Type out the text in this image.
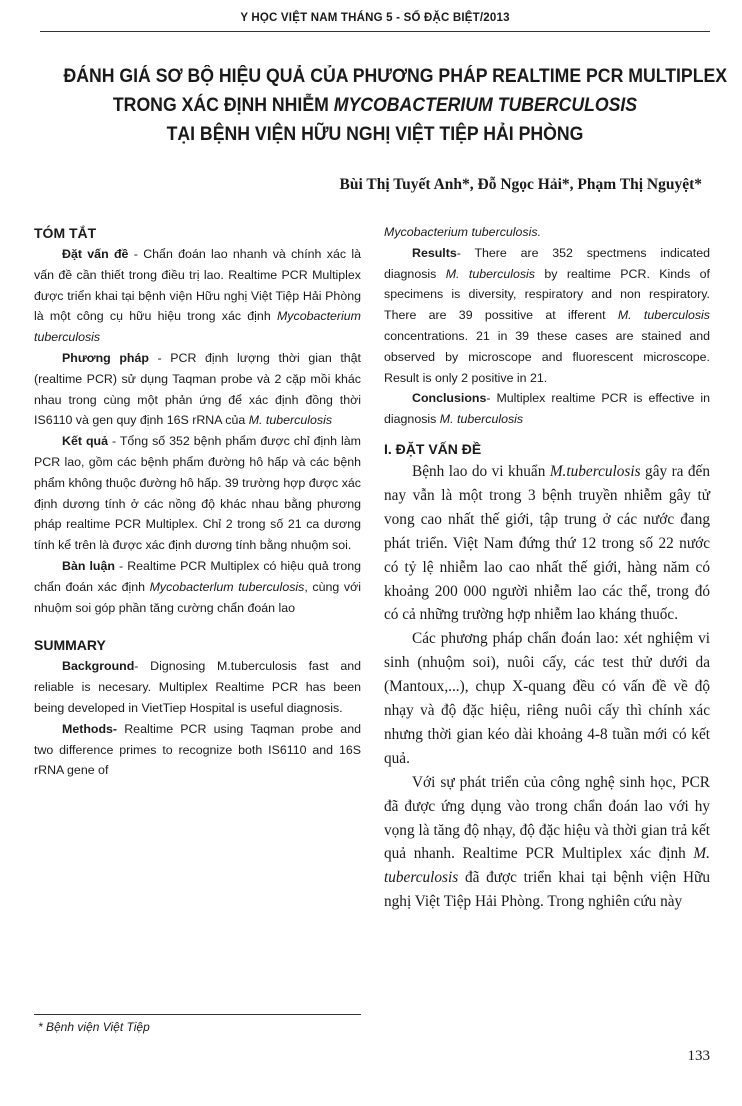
Y HỌC VIỆT NAM THÁNG 5 - SỐ ĐẶC BIỆT/2013
ĐÁNH GIÁ SƠ BỘ HIỆU QUẢ CỦA PHƯƠNG PHÁP REALTIME PCR MULTIPLEX
TRONG XÁC ĐỊNH NHIỄM MYCOBACTERIUM TUBERCULOSIS
TẠI BỆNH VIỆN HỮU NGHỊ VIỆT TIỆP HẢI PHÒNG
Bùi Thị Tuyết Anh*, Đỗ Ngọc Hải*, Phạm Thị Nguyệt*
TÓM TẮT

Đặt vấn đề - Chẩn đoán lao nhanh và chính xác là vấn đề cần thiết trong điều trị lao. Realtime PCR Multiplex được triển khai tại bệnh viện Hữu nghị Việt Tiệp Hải Phòng là một công cụ hữu hiệu trong xác định Mycobacterium tuberculosis

Phương pháp - PCR định lượng thời gian thật (realtime PCR) sử dụng Taqman probe và 2 cặp mồi khác nhau trong cùng một phản ứng để xác định đồng thời IS6110 và gen quy định 16S rRNA của M. tuberculosis

Kết quả - Tổng số 352 bệnh phẩm được chỉ định làm PCR lao, gồm các bệnh phẩm đường hô hấp và các bệnh phẩm không thuộc đường hô hấp. 39 trường hợp được xác định dương tính ở các nồng độ khác nhau bằng phương pháp realtime PCR Multiplex. Chỉ 2 trong số 21 ca dương tính kể trên là được xác định dương tính bằng nhuộm soi.

Bàn luận - Realtime PCR Multiplex có hiệu quả trong chẩn đoán xác định Mycobacterlum tuberculosis, cùng với nhuộm soi góp phần tăng cường chẩn đoán lao

SUMMARY

Background- Dignosing M.tuberculosis fast and reliable is necesary. Multiplex Realtime PCR has been being developed in VietTiep Hospital is useful diagnosis.

Methods- Realtime PCR using Taqman probe and two difference primes to recognize both IS6110 and 16S rRNA gene of

Mycobacterium tuberculosis.

Results- There are 352 spectmens indicated diagnosis M. tuberculosis by realtime PCR. Kinds of specimens is diversity, respiratory and non respiratory. There are 39 possitive at ifferent M. tuberculosis concentrations. 21 in 39 these cases are stained and observed by microscope and fluorescent microscope. Result is only 2 positive in 21.

Conclusions- Multiplex realtime PCR is effective in diagnosis M. tuberculosis

I. ĐẶT VẤN ĐỀ

Bệnh lao do vi khuẩn M.tuberculosis gây ra đến nay vẫn là một trong 3 bệnh truyền nhiễm gây tử vong cao nhất thế giới, tập trung ở các nước đang phát triển. Việt Nam đứng thứ 12 trong số 22 nước có tỷ lệ nhiễm lao cao nhất thế giới, hàng năm có khoảng 200 000 người nhiễm lao các thể, trong đó có cả những trường hợp nhiễm lao kháng thuốc.

Các phương pháp chẩn đoán lao: xét nghiệm vi sinh (nhuộm soi), nuôi cấy, các test thử dưới da (Mantoux,...), chụp X-quang đều có vấn đề về độ nhạy và độ đặc hiệu, riêng nuôi cấy thì chính xác nhưng thời gian kéo dài khoảng 4-8 tuần mới có kết quả.

Với sự phát triển của công nghệ sinh học, PCR đã được ứng dụng vào trong chẩn đoán lao với hy vọng là tăng độ nhạy, độ đặc hiệu và thời gian trả kết quả nhanh. Realtime PCR Multiplex xác định M. tuberculosis đã được triển khai tại bệnh viện Hữu nghị Việt Tiệp Hải Phòng. Trong nghiên cứu này

* Bệnh viện Việt Tiệp
133
